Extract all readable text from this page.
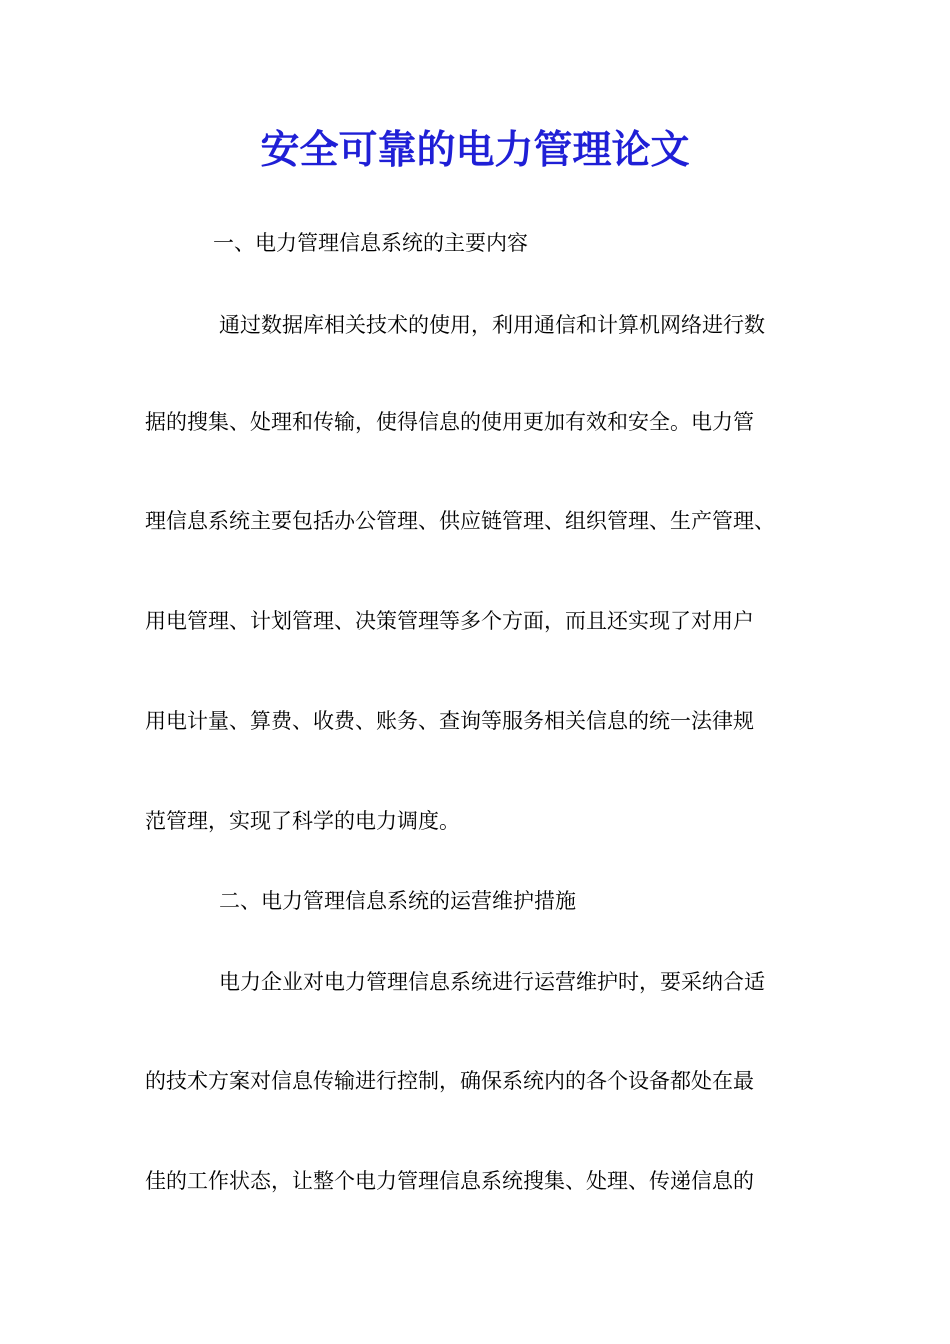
安全可靠的电力管理论文

一、电力管理信息系统的主要内容

通过数据库相关技术的使用，利用通信和计算机网络进行数

据的搜集、处理和传输，使得信息的使用更加有效和安全。电力管

理信息系统主要包括办公管理、供应链管理、组织管理、生产管理、

用电管理、计划管理、决策管理等多个方面，而且还实现了对用户

用电计量、算费、收费、账务、查询等服务相关信息的统一法律规

范管理，实现了科学的电力调度。

二、电力管理信息系统的运营维护措施

电力企业对电力管理信息系统进行运营维护时，要采纳合适

的技术方案对信息传输进行控制，确保系统内的各个设备都处在最

佳的工作状态，让整个电力管理信息系统搜集、处理、传递信息的
